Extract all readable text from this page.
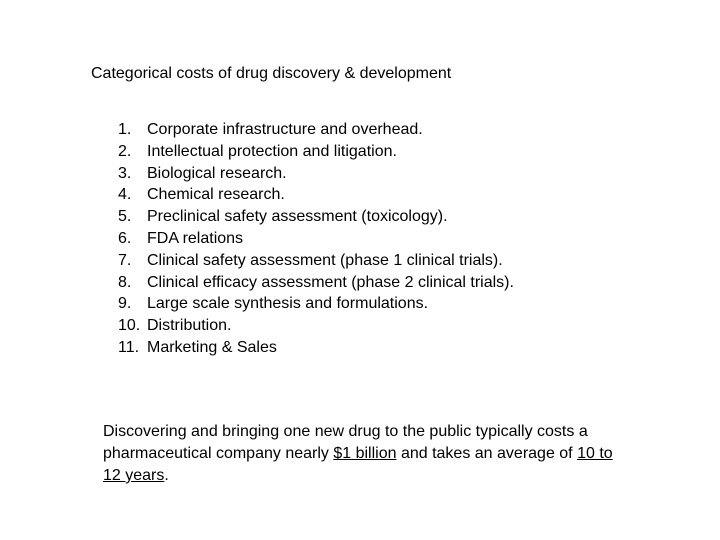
Categorical costs of drug discovery & development
1. Corporate infrastructure and overhead.
2. Intellectual protection and litigation.
3. Biological research.
4. Chemical research.
5. Preclinical safety assessment (toxicology).
6. FDA relations
7. Clinical safety assessment (phase 1 clinical trials).
8. Clinical efficacy assessment (phase 2 clinical trials).
9. Large scale synthesis and formulations.
10. Distribution.
11. Marketing & Sales

Discovering and bringing one new drug to the public typically costs a pharmaceutical company nearly $1 billion and takes an average of 10 to 12 years.
